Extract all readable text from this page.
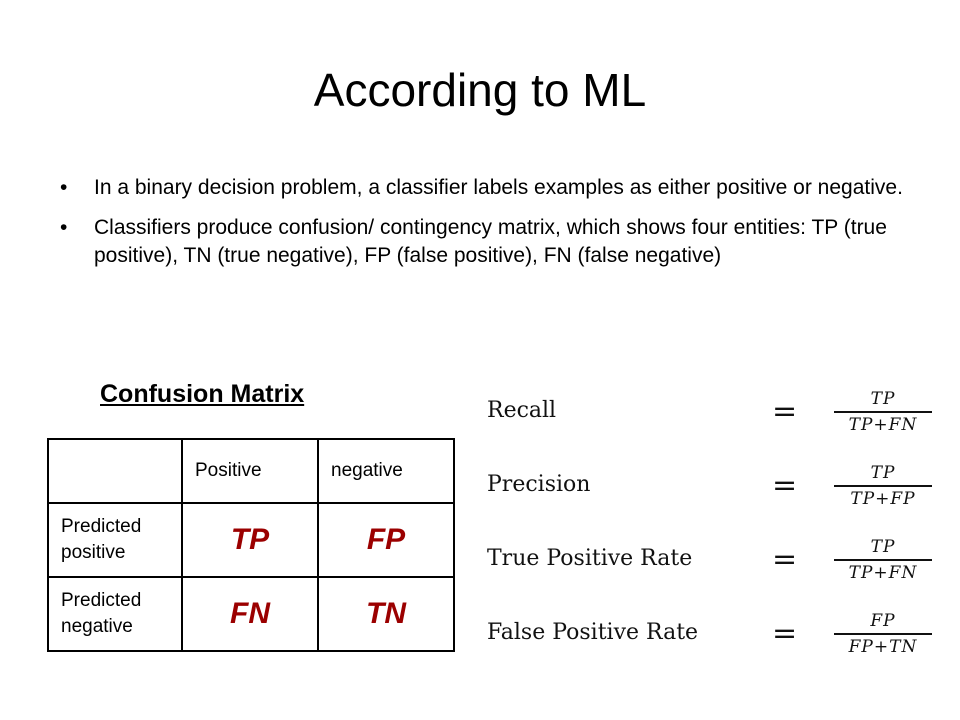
According to ML
• In a binary decision problem, a classifier labels examples as either positive or negative.
• Classifiers produce confusion/ contingency matrix, which shows four entities: TP (true positive), TN (true negative), FP (false positive), FN (false negative)
Confusion Matrix
	Positive	negative
Predicted positive	TP	FP
Predicted negative	FN	TN
Recall	=	TP
TP+FN
Precision	=	TP
TP+FP
True Positive Rate	=	TP
TP+FN
False Positive Rate =	FP
FP+TN
